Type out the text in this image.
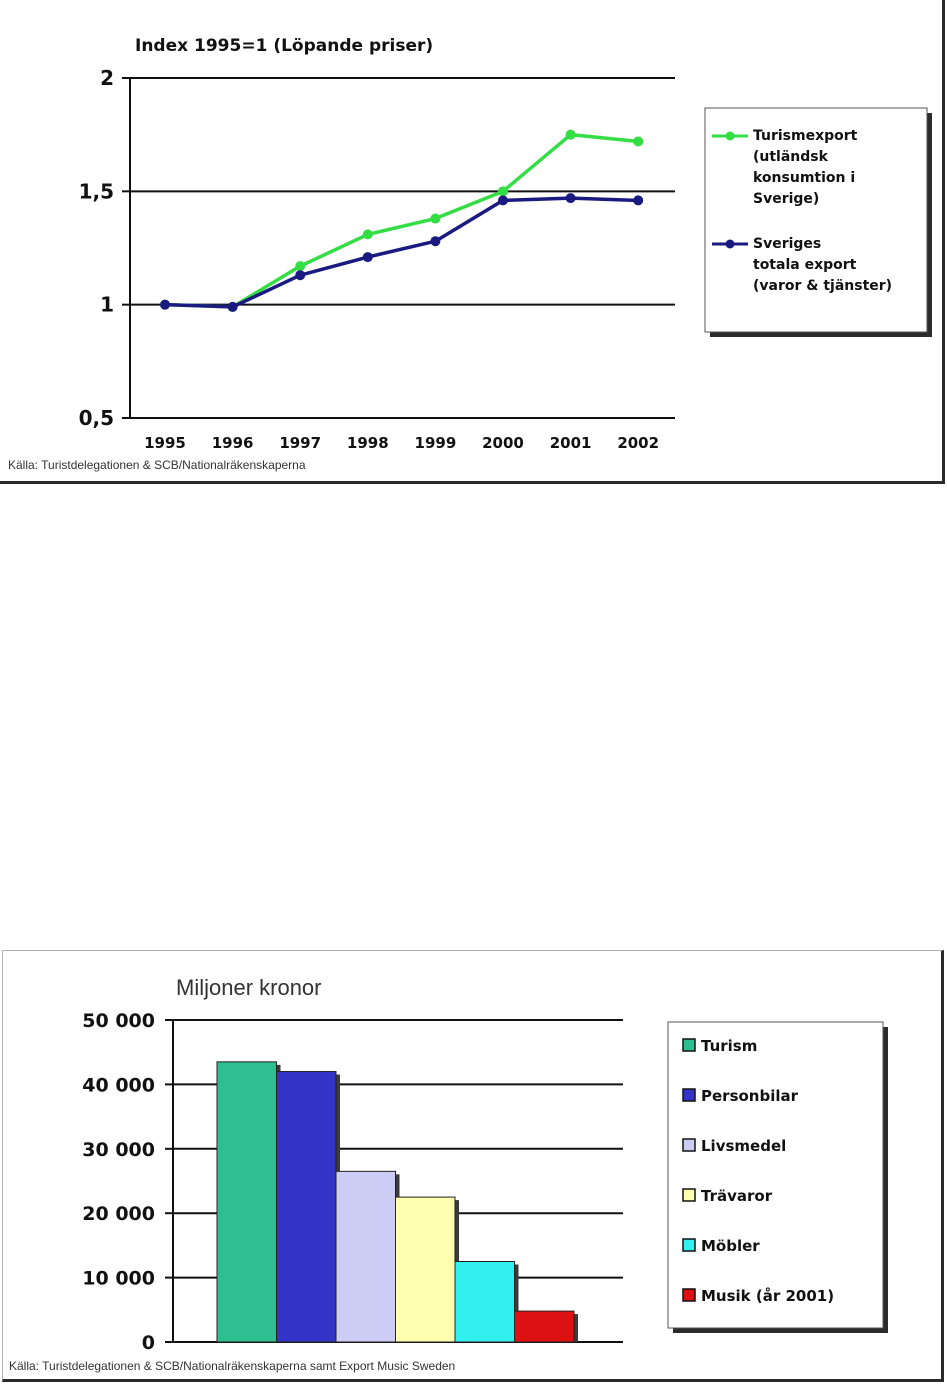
Index 1995=1 (Löpande priser)
2
1,5
1
0,5
1995 1996 1997 1998 1999 2000 2001 2002
Turismexport
(utländsk
konsumtion i
Sverige)
Sveriges
totala export
(varor & tjänster)
Källa: Turistdelegationen & SCB/Nationalräkenskaperna
Miljoner kronor
50 000
40 000
30 000
20 000
10 000
0
Turism
Personbilar
Livsmedel
Trävaror
Möbler
Musik (år 2001)
Källa: Turistdelegationen & SCB/Nationalräkenskaperna samt Export Music Sweden
